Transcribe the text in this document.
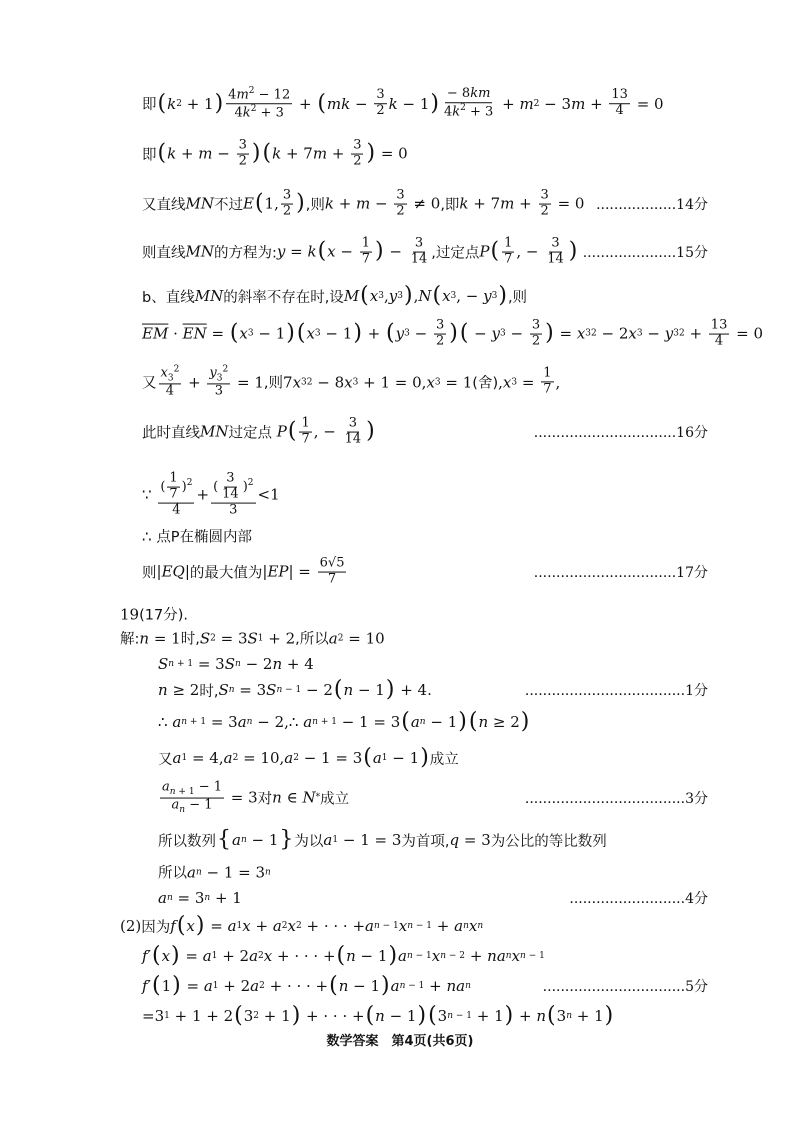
即 ( k 2 + 1 ) $\frac{4m^2 - 12}{4k^2 + 3}$ + ( mk − $\frac{3}{2}$ k − 1 ) $\frac{- 8km}{4k^2 + 3} + m$ 2 − 3 $m + \frac{13}{4} = 0$
即 ( $k + m - \frac{3}{2}$ ) ( k + 7 $m + \frac{3}{2}$ ) = 0
又直线 MN 不过 E ( 1, $\frac{3}{2}$ ) ,则 $k + m - \frac{3}{2} \ne 0$ ,即 k + 7 $m + \frac{3}{2} = 0$ ..................14分
则直线 MN 的方程为: y = k ( $x - \frac{1}{7}$ ) − $\frac{3}{14}$ ,过定点 P ( $\frac{1}{7}$ , − $\frac{3}{14}$ ) .....................15分
b、直线 MN 的斜率不存在时,设 M ( x 3 , y 3 ) , N ( x 3 , − y 3 ) ,则
$\overline{EM} \cdot \overline{EN}$ = ( x 3 − 1 ) ( x 3 − 1 ) + ( y $3 - \frac{3}{2}$ ) ( − y $3 - \frac{3}{2}$ ) = x 3 2 − 2 x 3 − y 3 $2 + \frac{13}{4} = 0$
又 $\frac{x_3^2}{4} + \frac{y_3^2}{3} = 1$ ,则 7 x 3 2 − 8 x 3 + 1 = 0, x 3 = 1 (舍) , x $3 = \frac{1}{7}$ ,
此时直线 MN 过定点
P ( $\frac{1}{7}$ , − $\frac{3}{14}$ )	................................16分
∵ $\frac{( \frac{1}{7} )^2}{4} + \frac{( \frac{3}{14} )^2}{3} <1$
∴ 点P在椭圆内部
则 | EQ | 的最大值为 | EP | = $\frac{6√5}{7}$	................................17分
19 (17分).
解: n = 1 时, S 2 = 3 S 1 + 2 ,所以 a 2 = 10
S n + 1 = 3 S n − 2 n + 4
n ≥ 2 时, S n = 3 S n − 1 − 2 ( n − 1 ) + 4.	....................................1分
∴ a n + 1 = 3 a n − 2,∴ a n + 1 − 1 = 3 ( a n − 1 ) ( n ≥ 2 )
又 a 1 = 4, a 2 = 10, a 2 − 1 = 3 ( a 1 − 1 ) 成立
$\frac{a_{n + 1} - 1}{a_n - 1} = 3$ 对 n ∈ N * 成立	....................................3分
所以数列 { a n − 1 } 为以 a 1 − 1 = 3 为首项, q = 3 为公比的等比数列
所以 a n − 1 = 3 n
a n = 3 n + 1	..........................4分
(2) 因为 f ( x ) = a 1 x + a 2 x 2 + · · · + a n − 1 x n − 1 + a n x n
f ′ ( x ) = a 1 + 2 a 2 x + · · · + ( n − 1 ) a n − 1 x n − 2 + na n x n − 1
f ′ ( 1 ) = a 1 + 2 a 2 + · · · + ( n − 1 ) a n − 1 + na n	................................5分
=3 1 + 1 + 2 ( 3 2 + 1 ) + · · · + ( n − 1 ) ( 3 n − 1 + 1 ) + n ( 3 n + 1 )
数学答案　第4页(共6页)
